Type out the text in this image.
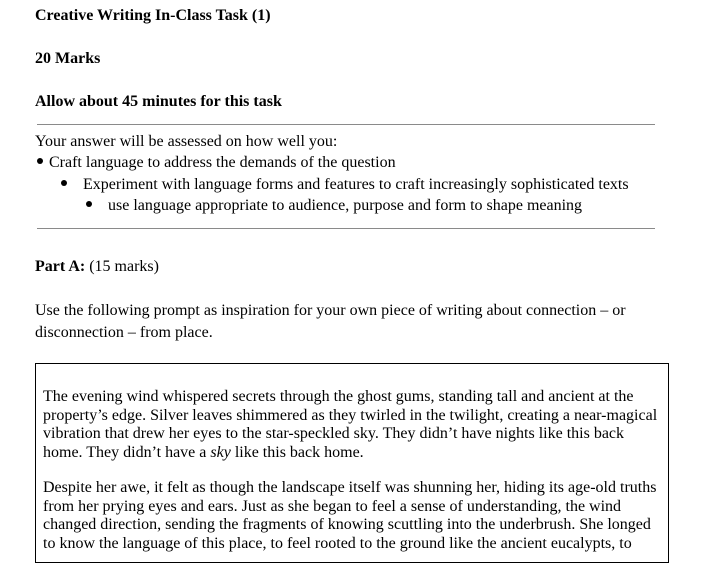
Creative Writing In-Class Task (1)
20 Marks
Allow about 45 minutes for this task
Your answer will be assessed on how well you:
Craft language to address the demands of the question
Experiment with language forms and features to craft increasingly sophisticated texts
use language appropriate to audience, purpose and form to shape meaning
Part A: (15 marks)
Use the following prompt as inspiration for your own piece of writing about connection – or disconnection – from place.

The evening wind whispered secrets through the ghost gums, standing tall and ancient at the property’s edge. Silver leaves shimmered as they twirled in the twilight, creating a near-magical vibration that drew her eyes to the star-speckled sky. They didn’t have nights like this back home. They didn’t have a sky like this back home.

Despite her awe, it felt as though the landscape itself was shunning her, hiding its age-old truths from her prying eyes and ears. Just as she began to feel a sense of understanding, the wind changed direction, sending the fragments of knowing scuttling into the underbrush. She longed to know the language of this place, to feel rooted to the ground like the ancient eucalypts, to
